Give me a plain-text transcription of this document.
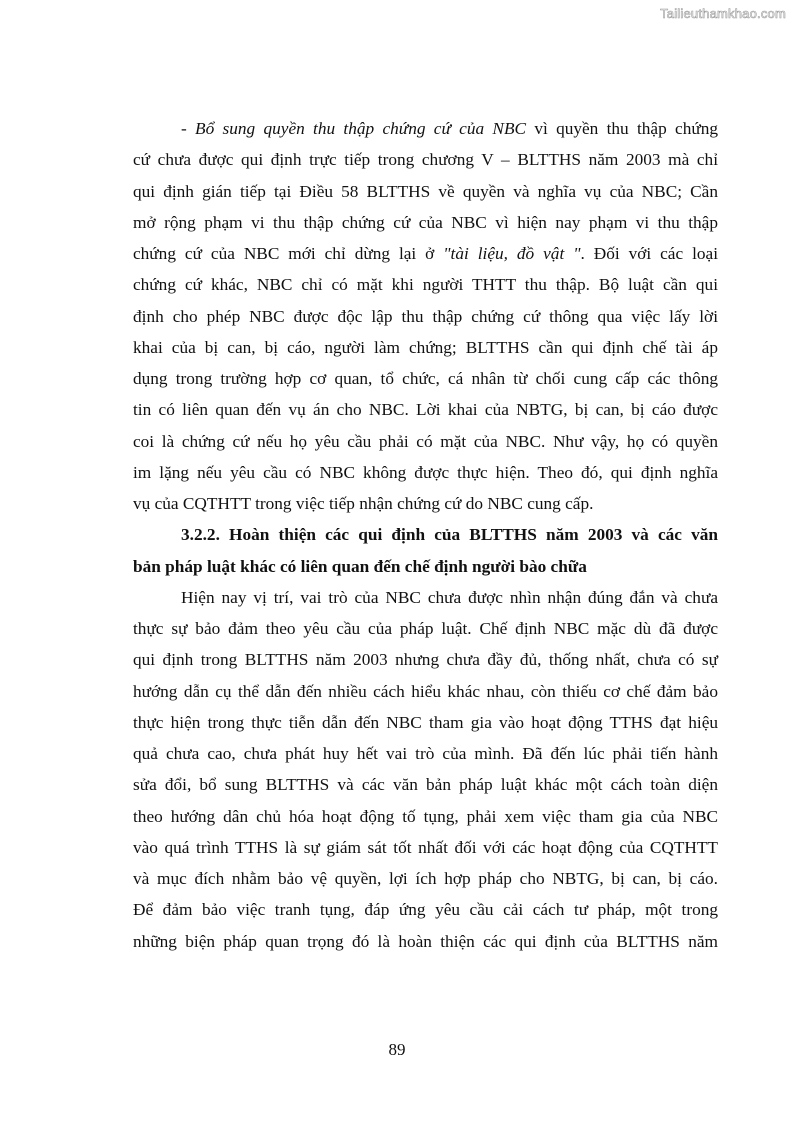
Tailieuthamkhao.com
- Bổ sung quyền thu thập chứng cứ của NBC vì quyền thu thập chứng
cứ chưa được qui định trực tiếp trong chương V – BLTTHS năm 2003 mà chỉ
qui định gián tiếp tại Điều 58 BLTTHS về quyền và nghĩa vụ của NBC; Cần
mở rộng phạm vi thu thập chứng cứ của NBC vì hiện nay phạm vi thu thập
chứng cứ của NBC mới chỉ dừng lại ở "tài liệu, đồ vật ". Đối với các loại
chứng cứ khác, NBC chỉ có mặt khi người THTT thu thập. Bộ luật cần qui
định cho phép NBC được độc lập thu thập chứng cứ thông qua việc lấy lời
khai của bị can, bị cáo, người làm chứng; BLTTHS cần qui định chế tài áp
dụng trong trường hợp cơ quan, tổ chức, cá nhân từ chối cung cấp các thông
tin có liên quan đến vụ án cho NBC. Lời khai của NBTG, bị can, bị cáo được
coi là chứng cứ nếu họ yêu cầu phải có mặt của NBC. Như vậy, họ có quyền
im lặng nếu yêu cầu có NBC không được thực hiện. Theo đó, qui định nghĩa
vụ của CQTHTT trong việc tiếp nhận chứng cứ do NBC cung cấp.
3.2.2. Hoàn thiện các qui định của BLTTHS năm 2003 và các văn
bản pháp luật khác có liên quan đến chế định người bào chữa
Hiện nay vị trí, vai trò của NBC chưa được nhìn nhận đúng đắn và chưa
thực sự bảo đảm theo yêu cầu của pháp luật. Chế định NBC mặc dù đã được
qui định trong BLTTHS năm 2003 nhưng chưa đầy đủ, thống nhất, chưa có sự
hướng dẫn cụ thể dẫn đến nhiều cách hiểu khác nhau, còn thiếu cơ chế đảm bảo
thực hiện trong thực tiễn dẫn đến NBC tham gia vào hoạt động TTHS đạt hiệu
quả chưa cao, chưa phát huy hết vai trò của mình. Đã đến lúc phải tiến hành
sửa đổi, bổ sung BLTTHS và các văn bản pháp luật khác một cách toàn diện
theo hướng dân chủ hóa hoạt động tố tụng, phải xem việc tham gia của NBC
vào quá trình TTHS là sự giám sát tốt nhất đối với các hoạt động của CQTHTT
và mục đích nhằm bảo vệ quyền, lợi ích hợp pháp cho NBTG, bị can, bị cáo.
Để đảm bảo việc tranh tụng, đáp ứng yêu cầu cải cách tư pháp, một trong
những biện pháp quan trọng đó là hoàn thiện các qui định của BLTTHS năm
89
